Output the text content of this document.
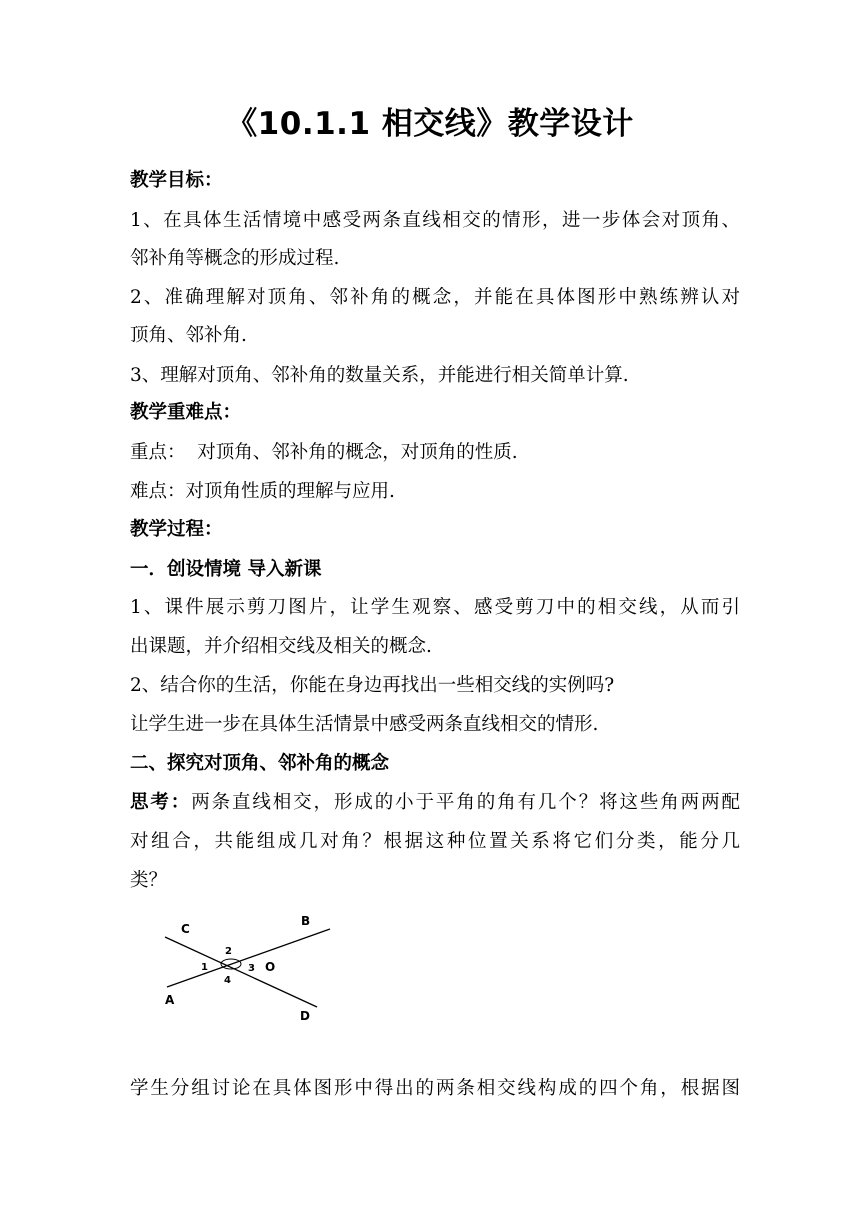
《10.1.1 相交线》教学设计
教学目标：
1、在具体生活情境中感受两条直线相交的情形，进一步体会对顶角、
邻补角等概念的形成过程.
2、准确理解对顶角、邻补角的概念，并能在具体图形中熟练辨认对
顶角、邻补角.
3、理解对顶角、邻补角的数量关系，并能进行相关简单计算.
教学重难点：
重点：  对顶角、邻补角的概念，对顶角的性质.
难点：对顶角性质的理解与应用.
教学过程：
一．创设情境 导入新课
1、课件展示剪刀图片，让学生观察、感受剪刀中的相交线，从而引
出课题，并介绍相交线及相关的概念.
2、结合你的生活，你能在身边再找出一些相交线的实例吗?
让学生进一步在具体生活情景中感受两条直线相交的情形.
二、探究对顶角、邻补角的概念
思考：两条直线相交，形成的小于平角的角有几个？将这些角两两配
对组合，共能组成几对角？根据这种位置关系将它们分类，能分几
类？
C
B
A
D
O
1
2
3
4
学生分组讨论在具体图形中得出的两条相交线构成的四个角，根据图
